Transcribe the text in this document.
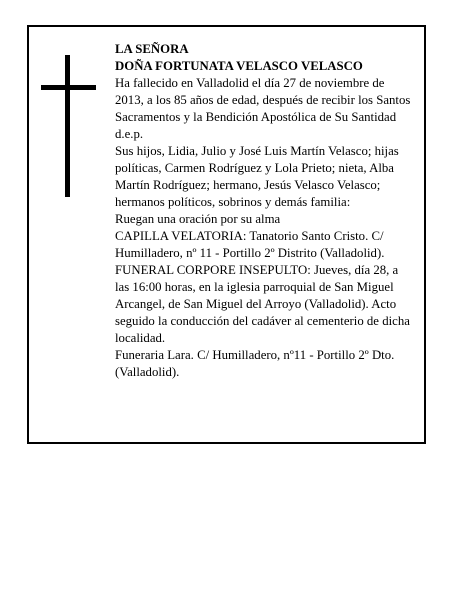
LA SEÑORA

DOÑA FORTUNATA VELASCO VELASCO

Ha fallecido en Valladolid el día 27 de noviembre de 2013, a los 85 años de edad, después de recibir los Santos Sacramentos y la Bendición Apostólica de Su Santidad

d.e.p.

Sus hijos, Lidia, Julio y José Luis Martín Velasco; hijas políticas, Carmen Rodríguez y Lola Prieto; nieta, Alba Martín Rodríguez; hermano, Jesús Velasco Velasco; hermanos políticos, sobrinos y demás familia:

Ruegan una oración por su alma

CAPILLA VELATORIA: Tanatorio Santo Cristo. C/ Humilladero, nº 11 - Portillo 2º Distrito (Valladolid).

FUNERAL CORPORE INSEPULTO: Jueves, día 28, a las 16:00 horas, en la iglesia parroquial de San Miguel Arcangel, de San Miguel del Arroyo (Valladolid). Acto seguido la conducción del cadáver al cementerio de dicha localidad.

Funeraria Lara. C/ Humilladero, nº11 - Portillo 2º Dto. (Valladolid).
